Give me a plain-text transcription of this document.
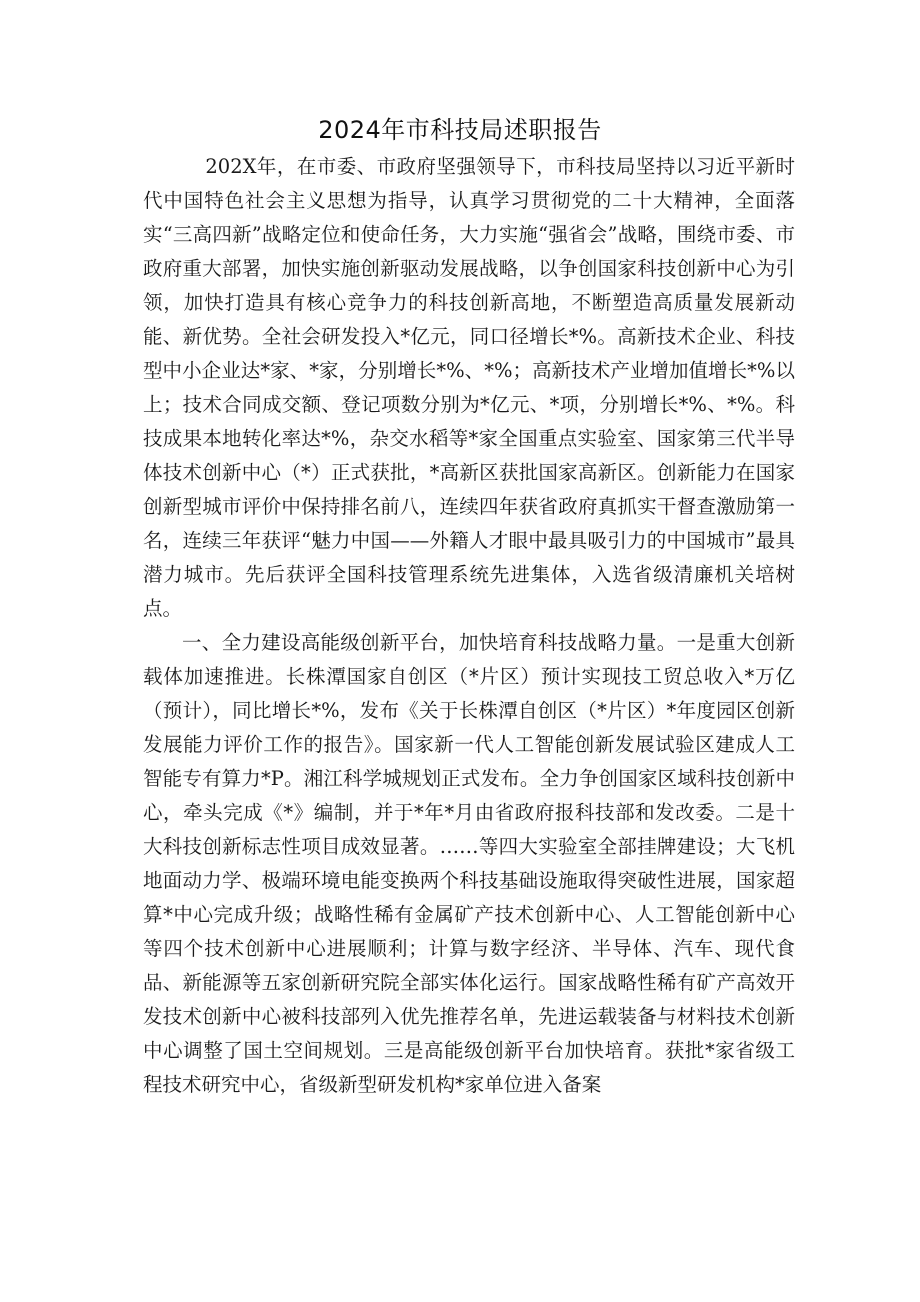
2024年市科技局述职报告

202X年，在市委、市政府坚强领导下，市科技局坚持以习近平新时代中国特色社会主义思想为指导，认真学习贯彻党的二十大精神，全面落实“三高四新”战略定位和使命任务，大力实施“强省会”战略，围绕市委、市政府重大部署，加快实施创新驱动发展战略，以争创国家科技创新中心为引领，加快打造具有核心竞争力的科技创新高地，不断塑造高质量发展新动能、新优势。全社会研发投入*亿元，同口径增长*%。高新技术企业、科技型中小企业达*家、*家，分别增长*%、*%；高新技术产业增加值增长*%以上；技术合同成交额、登记项数分别为*亿元、*项，分别增长*%、*%。科技成果本地转化率达*%，杂交水稻等*家全国重点实验室、国家第三代半导体技术创新中心（*）正式获批，*高新区获批国家高新区。创新能力在国家创新型城市评价中保持排名前八，连续四年获省政府真抓实干督查激励第一名，连续三年获评“魅力中国——外籍人才眼中最具吸引力的中国城市”最具潜力城市。先后获评全国科技管理系统先进集体，入选省级清廉机关培树点。

一、全力建设高能级创新平台，加快培育科技战略力量。一是重大创新载体加速推进。长株潭国家自创区（*片区）预计实现技工贸总收入*万亿（预计），同比增长*%，发布《关于长株潭自创区（*片区）*年度园区创新发展能力评价工作的报告》。国家新一代人工智能创新发展试验区建成人工智能专有算力*P。湘江科学城规划正式发布。全力争创国家区域科技创新中心，牵头完成《*》编制，并于*年*月由省政府报科技部和发改委。二是十大科技创新标志性项目成效显著。……等四大实验室全部挂牌建设；大飞机地面动力学、极端环境电能变换两个科技基础设施取得突破性进展，国家超算*中心完成升级；战略性稀有金属矿产技术创新中心、人工智能创新中心等四个技术创新中心进展顺利；计算与数字经济、半导体、汽车、现代食品、新能源等五家创新研究院全部实体化运行。国家战略性稀有矿产高效开发技术创新中心被科技部列入优先推荐名单，先进运载装备与材料技术创新中心调整了国土空间规划。三是高能级创新平台加快培育。获批*家省级工程技术研究中心，省级新型研发机构*家单位进入备案
